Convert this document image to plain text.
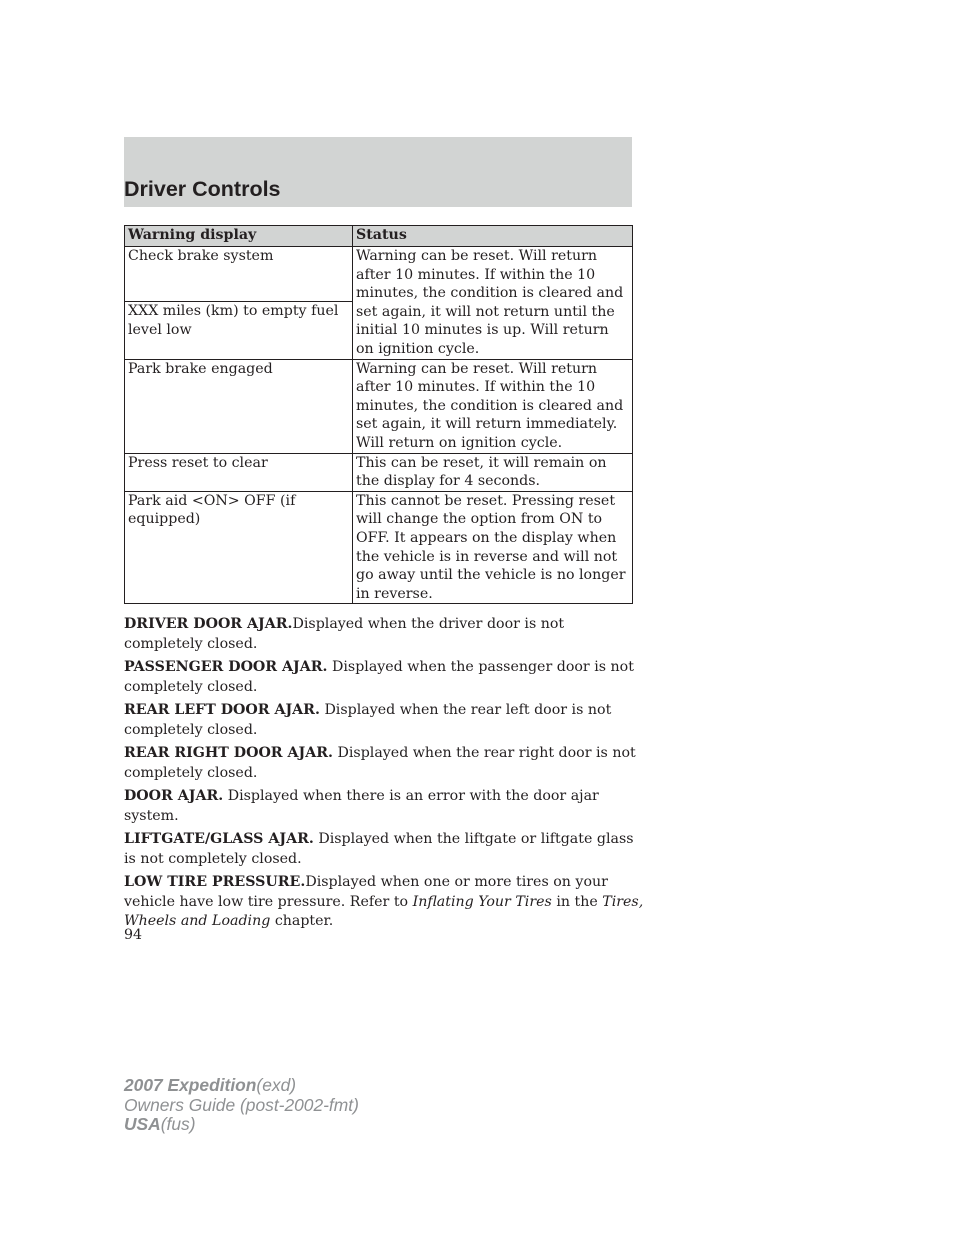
Driver Controls
Warning display	Status
Check brake system	Warning can be reset. Will return after 10 minutes. If within the 10 minutes, the condition is cleared and set again, it will not return until the initial 10 minutes is up. Will return on ignition cycle.
XXX miles (km) to empty fuel level low	
Park brake engaged	Warning can be reset. Will return after 10 minutes. If within the 10 minutes, the condition is cleared and set again, it will return immediately. Will return on ignition cycle.
Press reset to clear	This can be reset, it will remain on the display for 4 seconds.
Park aid <ON> OFF (if equipped)	This cannot be reset. Pressing reset will change the option from ON to OFF. It appears on the display when the vehicle is in reverse and will not go away until the vehicle is no longer in reverse.

DRIVER DOOR AJAR.Displayed when the driver door is not completely closed.

PASSENGER DOOR AJAR. Displayed when the passenger door is not completely closed.

REAR LEFT DOOR AJAR. Displayed when the rear left door is not completely closed.

REAR RIGHT DOOR AJAR. Displayed when the rear right door is not completely closed.

DOOR AJAR. Displayed when there is an error with the door ajar system.

LIFTGATE/GLASS AJAR. Displayed when the liftgate or liftgate glass is not completely closed.

LOW TIRE PRESSURE.Displayed when one or more tires on your vehicle have low tire pressure. Refer to Inflating Your Tires in the Tires, Wheels and Loading chapter.

94
2007 Expedition(exd)
Owners Guide (post-2002-fmt)
USA(fus)
